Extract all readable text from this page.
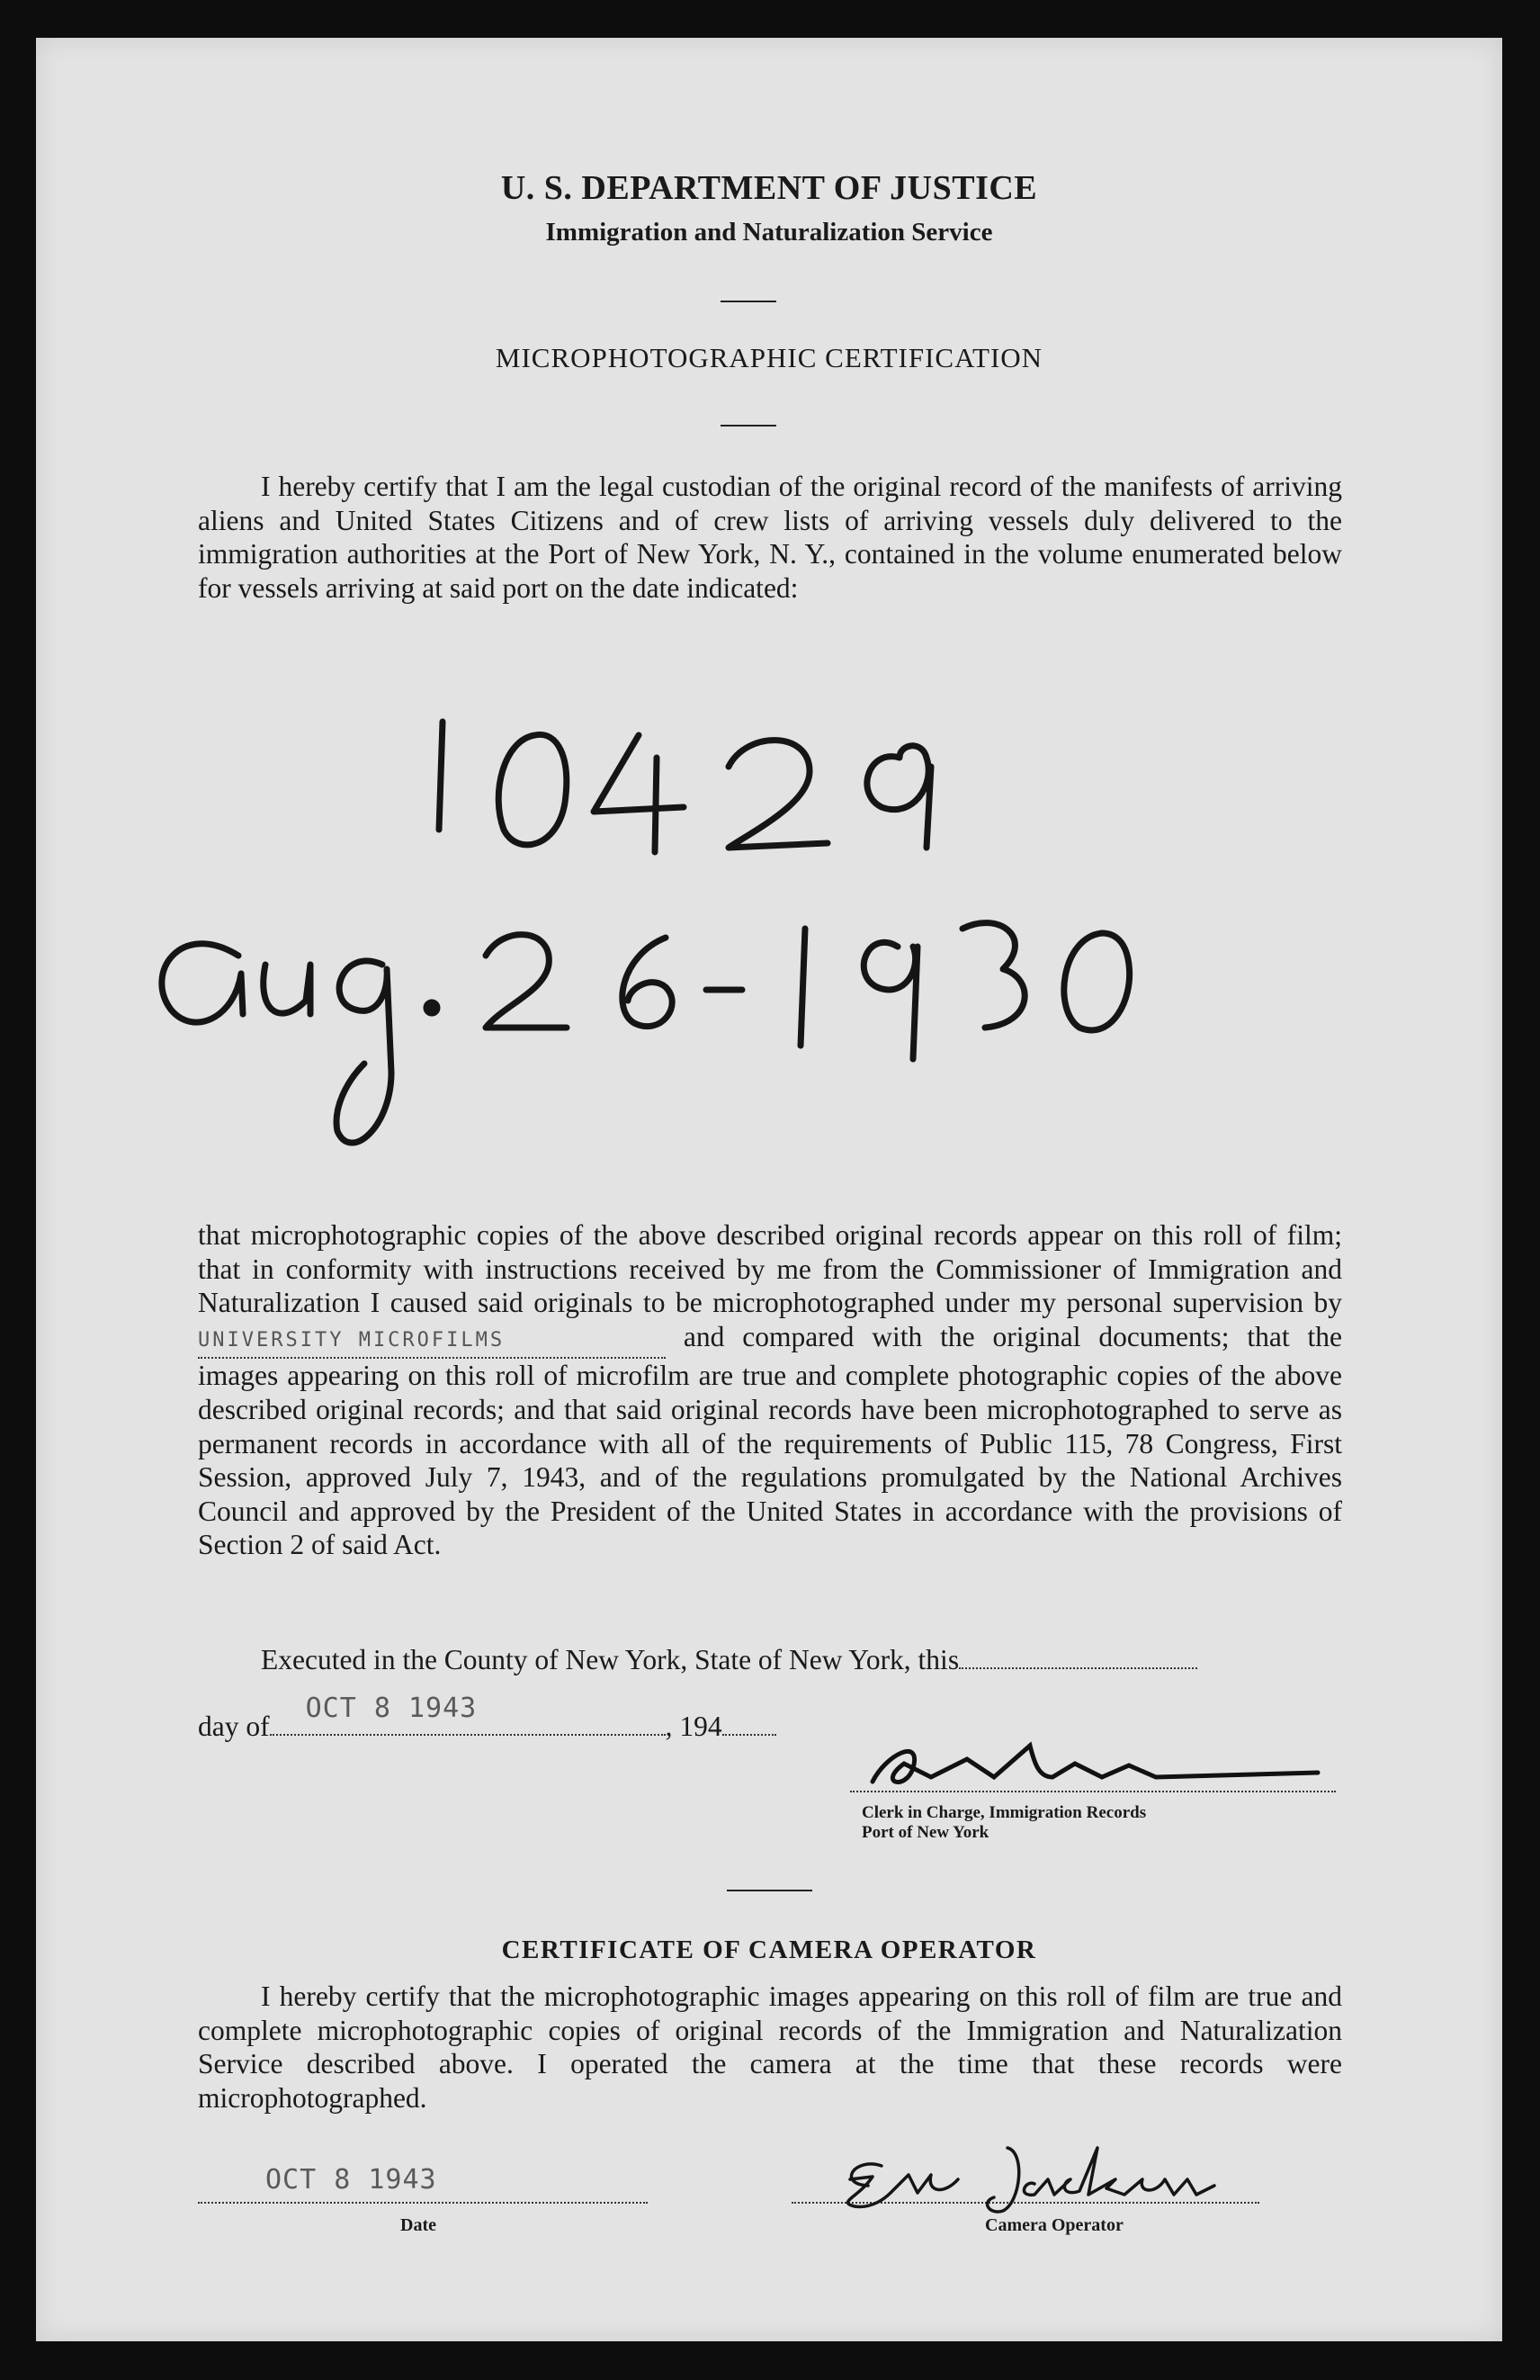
U. S. DEPARTMENT OF JUSTICE
Immigration and Naturalization Service
MICROPHOTOGRAPHIC CERTIFICATION
I hereby certify that I am the legal custodian of the original record of the manifests of arriving aliens and United States Citizens and of crew lists of arriving vessels duly delivered to the immigration authorities at the Port of New York, N. Y., contained in the volume enumerated below for vessels arriving at said port on the date indicated:
that microphotographic copies of the above described original records appear on this roll of film; that in conformity with instructions received by me from the Commissioner of Immigration and Naturalization I caused said originals to be microphotographed under my personal supervision by UNIVERSITY MICROFILMS	and compared with the original documents; that the images appearing on this roll of microfilm are true and complete photographic copies of the above described original records; and that said original records have been microphotographed to serve as permanent records in accordance with all of the requirements of Public 115, 78 Congress, First Session, approved July 7, 1943, and of the regulations promulgated by the National Archives Council and approved by the President of the United States in accordance with the provisions of Section 2 of said Act.
Executed in the County of New York, State of New York, this
day of
OCT 8 1943
, 194
Geo. Baesner
Clerk in Charge, Immigration Records
Port of New York
CERTIFICATE OF CAMERA OPERATOR
I hereby certify that the microphotographic images appearing on this roll of film are true and complete microphotographic copies of original records of the Immigration and Naturalization Service described above. I operated the camera at the time that these records were microphotographed.
OCT 8 1943
Date
Eva Jackson
Camera Operator
